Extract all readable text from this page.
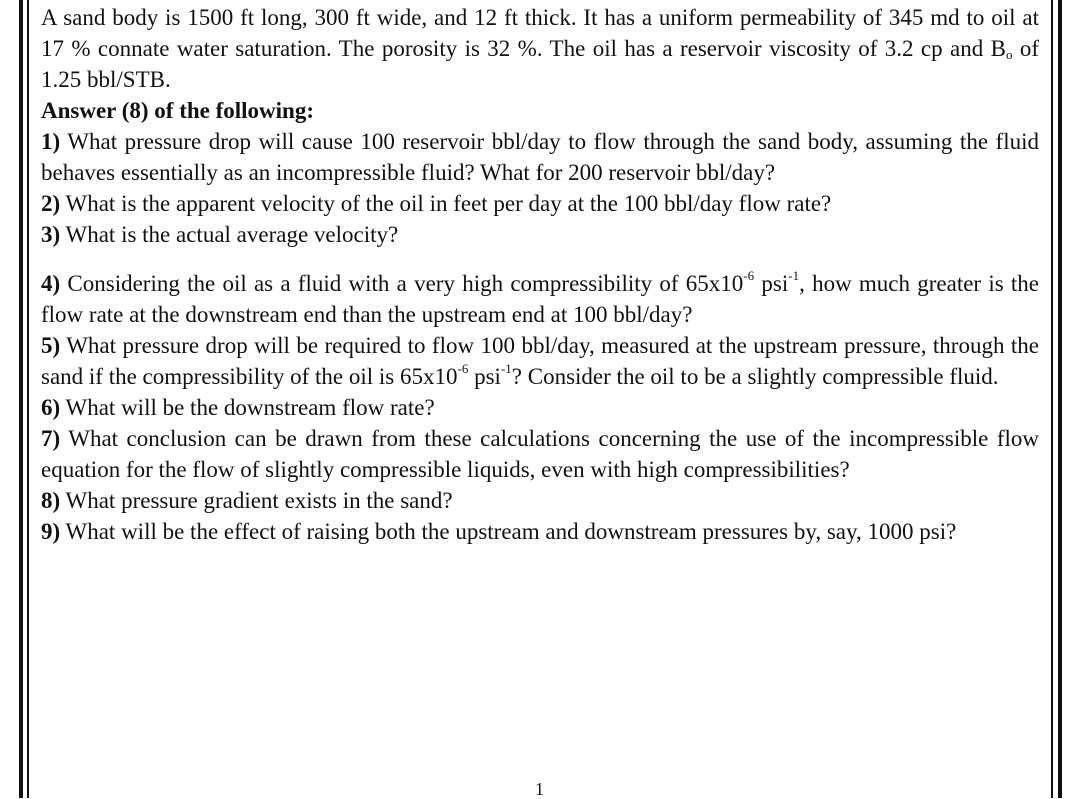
A sand body is 1500 ft long, 300 ft wide, and 12 ft thick. It has a uniform permeability of 345 md to oil at 17 % connate water saturation. The porosity is 32 %. The oil has a reservoir viscosity of 3.2 cp and $B_o$ of 1.25 bbl/STB.

Answer (8) of the following:

1) What pressure drop will cause 100 reservoir bbl/day to flow through the sand body, assuming the fluid behaves essentially as an incompressible fluid? What for 200 reservoir bbl/day?

2) What is the apparent velocity of the oil in feet per day at the 100 bbl/day flow rate?

3) What is the actual average velocity?

4) Considering the oil as a fluid with a very high compressibility of $65x10^{-6}$ psi$^{-1}$, how much greater is the flow rate at the downstream end than the upstream end at 100 bbl/day?

5) What pressure drop will be required to flow 100 bbl/day, measured at the upstream pressure, through the sand if the compressibility of the oil is $65x10^{-6}$ psi$^{-1}$? Consider the oil to be a slightly compressible fluid.

6) What will be the downstream flow rate?

7) What conclusion can be drawn from these calculations concerning the use of the incompressible flow equation for the flow of slightly compressible liquids, even with high compressibilities?

8) What pressure gradient exists in the sand?

9) What will be the effect of raising both the upstream and downstream pressures by, say, 1000 psi?

1
